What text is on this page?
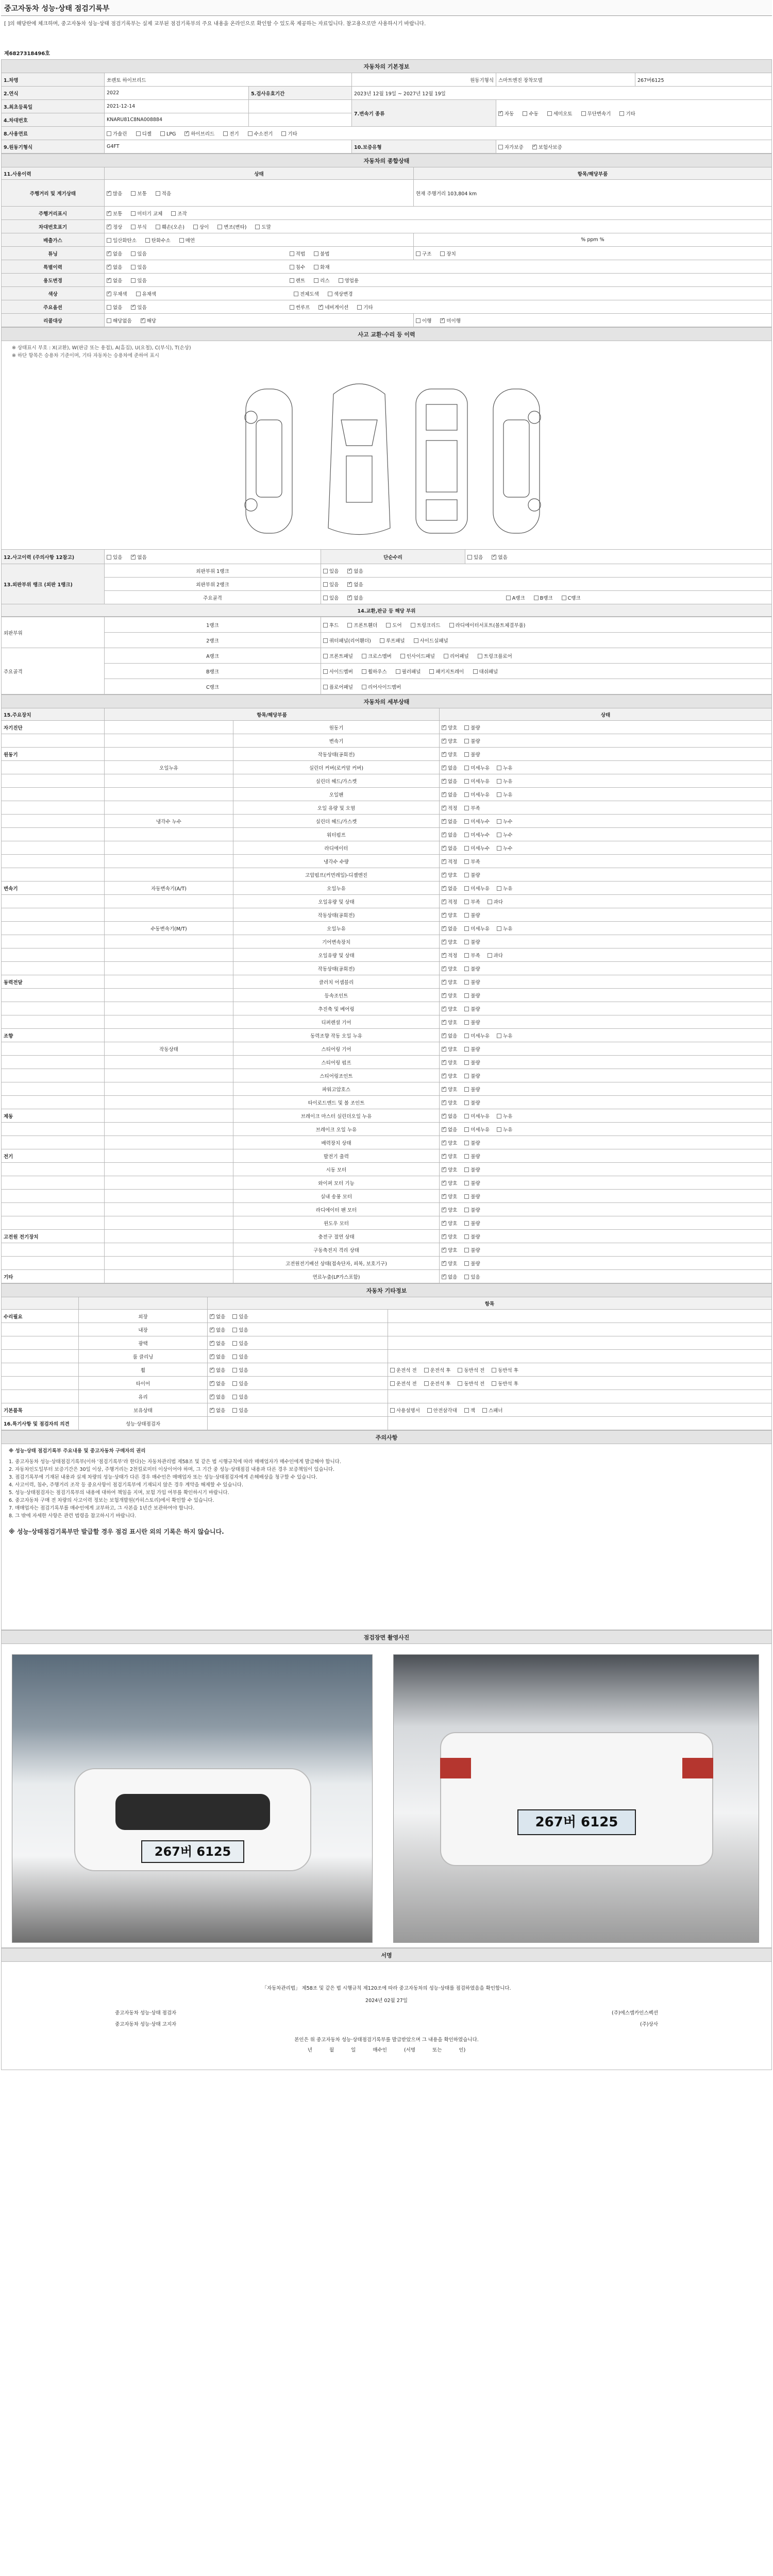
중고자동차 성능·상태 점검기록부
[ ]의 해당란에 체크하며, 중고자동차 성능·상태 점검기록부는 실제 교부된 점검기록부의 주요 내용을 온라인으로 확인할 수 있도록 제공하는 자료입니다. 참고용으로만 사용하시기 바랍니다.
제6827318496호
자동차의 기본정보					
1.차명	쏘렌토 하이브리드		원동기형식	스마트엔진 장착모델	267버6125
2.연식	2022	5.검사유효기간	2023년 12월 19일 ~ 2027년 12월 19일		
3.최초등록일	2021-12-14		7.변속기 종류	✓자동 수동 세미오토 무단변속기 기타
4.차대번호	KNARU81C8NA008884				
8.사용연료	가솔린 디젤 LPG ✓ 하이브리드 전기 수소전기 기타
9.원동기형식	G4FT		10.보증유형	자가보증 ✓ 보험사보증
자동차의 종합상태		
11.사용이력	상태	항목/해당부품
주행거리 및 계기상태	✓많음 보통 적음	현재 주행거리 103,804 km
주행거리표시	✓보통 미터기 교체 조작
차대번호표기	✓정상 부식 훼손(오손) 상이 변조(변타) 도말
배출가스	일산화탄소 탄화수소 매연	% ppm %
튜닝	✓없음 있음 적법 불법	구조 장치
특별이력	✓없음 있음 침수 화재
용도변경	✓없음 있음 렌트 리스 영업용
색상	✓무채색 유채색 전체도색 색상변경
주요옵션	없음 ✓ 있음 썬루프 ✓ 네비게이션 기타
리콜대상	해당없음 ✓ 해당	이행 ✓ 미이행
사고 교환·수리 등 이력			

※ 상태표시 부호 : X(교환), W(판금 또는 용접), A(흠집), U(요철), C(부식), T(손상)
※ 하단 항목은 승용차 기준이며, 기타 자동차는 승용차에 준하여 표시			

12.사고이력 (주의사항 12참고)	있음 ✓ 없음	단순수리	있음 ✓ 없음
13.외판부위 랭크 (외판 1랭크)	외판부위 1랭크	있음 ✓ 없음
	외판부위 2랭크	있음 ✓ 없음
	주요골격	있음 ✓ 없음 A랭크 B랭크 C랭크
14.교환,판금 등 해당 부위			
외판부위	1랭크	후드 프론트휀더 도어 트렁크리드 라디에이터서포트(볼트체결부품)
	2랭크	쿼터패널(리어휀더) 루프패널 사이드실패널
주요골격	A랭크	프론트패널 크로스멤버 인사이드패널 리어패널 트렁크플로어
	B랭크	사이드멤버 휠하우스 필러패널 패키지트레이 대쉬패널
	C랭크	플로어패널 리어사이드멤버
자동차의 세부상태			
15.주요장치	항목/해당부품		상태
자기진단		원동기	✓양호 불량
		변속기	✓양호 불량
원동기		작동상태(공회전)	✓양호 불량
	오일누유	실린더 커버(로커암 커버)	✓없음 미세누유 누유
		실린더 헤드/가스켓	✓없음 미세누유 누유
		오일팬	✓없음 미세누유 누유
		오일 유량 및 오염	✓적정 부족
	냉각수 누수	실린더 헤드/가스켓	✓없음 미세누수 누수
		워터펌프	✓없음 미세누수 누수
		라디에이터	✓없음 미세누수 누수
		냉각수 수량	✓적정 부족
		고압펌프(커먼레일)-디젤엔진	✓양호 불량
변속기	자동변속기(A/T)	오일누유	✓없음 미세누유 누유
		오일유량 및 상태	✓적정 부족 과다
		작동상태(공회전)	✓양호 불량
	수동변속기(M/T)	오일누유	✓없음 미세누유 누유
		기어변속장치	✓양호 불량
		오일유량 및 상태	✓적정 부족 과다
		작동상태(공회전)	✓양호 불량
동력전달		클러치 어셈블리	✓양호 불량
		등속조인트	✓양호 불량
		추진축 및 베어링	✓양호 불량
		디퍼렌셜 기어	✓양호 불량
조향		동력조향 작동 오일 누유	✓없음 미세누유 누유
	작동상태	스티어링 기어	✓양호 불량
		스티어링 펌프	✓양호 불량
		스티어링조인트	✓양호 불량
		파워고압호스	✓양호 불량
		타이로드엔드 및 볼 조인트	✓양호 불량
제동		브레이크 마스터 실린더오일 누유	✓없음 미세누유 누유
		브레이크 오일 누유	✓없음 미세누유 누유
		배력장치 상태	✓양호 불량
전기		발전기 출력	✓양호 불량
		시동 모터	✓양호 불량
		와이퍼 모터 기능	✓양호 불량
		실내 송풍 모터	✓양호 불량
		라디에이터 팬 모터	✓양호 불량
		윈도우 모터	✓양호 불량
고전원 전기장치		충전구 절연 상태	✓양호 불량
		구동축전지 격리 상태	✓양호 불량
		고전원전기배선 상태(접속단자, 피복, 보호기구)	✓양호 불량
기타		연료누출(LP가스포함)	✓없음 있음
자동차 기타정보			
		항목	
수리필요	외장	✓없음 있음	
	내장	✓없음 있음	
	광택	✓없음 있음	
	룸 클리닝	✓없음 있음	
	휠	✓없음 있음	운전석 전 운전석 후 동반석 전 동반석 후
	타이어	✓없음 있음	운전석 전 운전석 후 동반석 전 동반석 후
	유리	✓없음 있음	
기본품목	보유상태	✓없음 있음	사용설명서 안전삼각대 잭 스패너
16.특기사항 및 점검자의 의견	성능·상태점검자		
주의사항

※ 성능·상태 점검기록부 주요내용 및 중고자동차 구매자의 권리
1. 중고자동차 성능·상태점검기록부(이하 '점검기록부'라 한다)는 자동차관리법 제58조 및 같은 법 시행규칙에 따라 매매업자가 매수인에게 발급해야 합니다.
2. 자동차인도일부터 보증기간은 30일 이상, 주행거리는 2천킬로미터 이상이어야 하며, 그 기간 중 성능·상태점검 내용과 다른 경우 보증책임이 있습니다.
3. 점검기록부에 기재된 내용과 실제 차량의 성능·상태가 다른 경우 매수인은 매매업자 또는 성능·상태점검자에게 손해배상을 청구할 수 있습니다.
4. 사고이력, 침수, 주행거리 조작 등 중요사항이 점검기록부에 기재되지 않은 경우 계약을 해제할 수 있습니다.
5. 성능·상태점검자는 점검기록부의 내용에 대하여 책임을 지며, 보험 가입 여부를 확인하시기 바랍니다.
6. 중고자동차 구매 전 차량의 사고이력 정보는 보험개발원(카히스토리)에서 확인할 수 있습니다.
7. 매매업자는 점검기록부를 매수인에게 교부하고, 그 사본을 1년간 보관하여야 합니다.
8. 그 밖에 자세한 사항은 관련 법령을 참고하시기 바랍니다.
※ 성능·상태점검기록부만 발급할 경우 점검 표시란 외의 기록은 하지 않습니다.
점검장면 촬영사진

267버 6125
267버 6125
서명

「자동차관리법」 제58조 및 같은 법 시행규칙 제120조에 따라 중고자동차의 성능·상태를 점검하였음을 확인합니다.
2024년 02월 27일
중고자동차 성능·상태 점검자	(주)에스엠카인스펙션
중고자동차 성능·상태 고지자	(주)상사
본인은 위 중고자동차 성능·상태점검기록부를 발급받았으며 그 내용을 확인하였습니다.
년	월	일	매수인	(서명 또는 인)
